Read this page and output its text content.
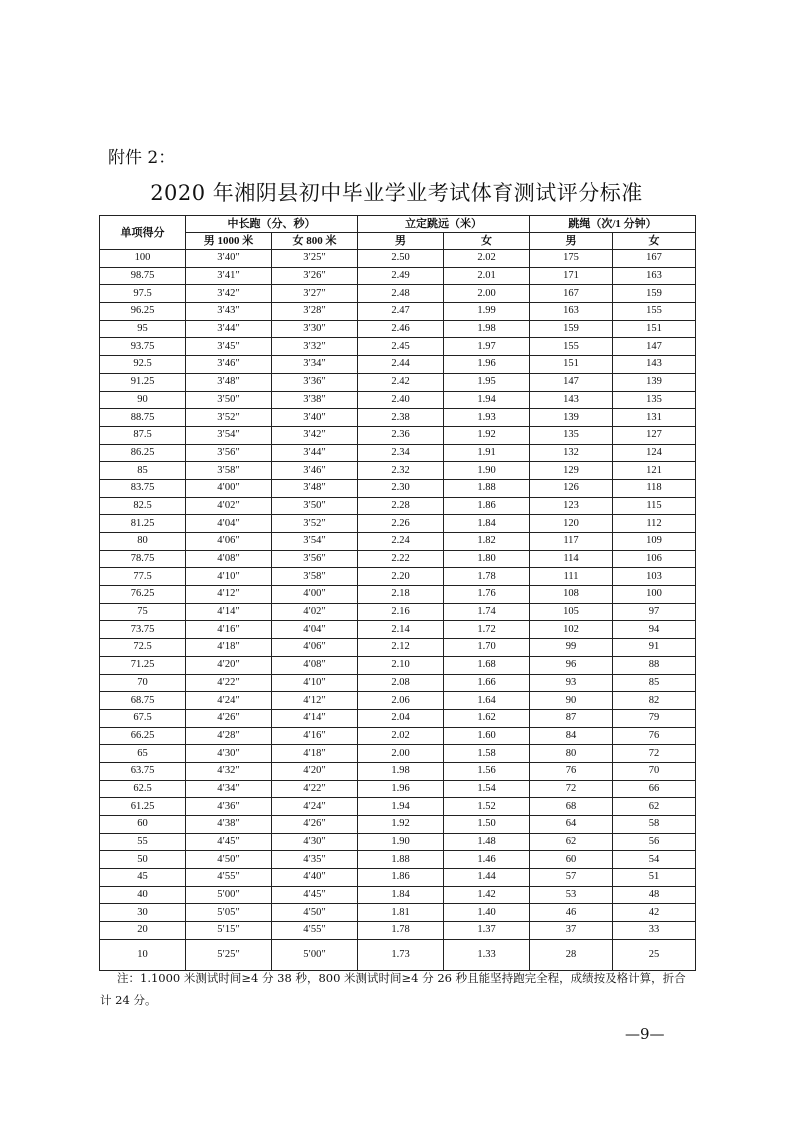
附件 2：
2020 年湘阴县初中毕业学业考试体育测试评分标准
单项得分	中长跑（分、秒）		立定跳远（米）		跳绳（次/1 分钟）	
	男 1000 米	女 800 米	男	女	男	女
100	3′40″	3′25″	2.50	2.02	175	167
98.75	3′41″	3′26″	2.49	2.01	171	163
97.5	3′42″	3′27″	2.48	2.00	167	159
96.25	3′43″	3′28″	2.47	1.99	163	155
95	3′44″	3′30″	2.46	1.98	159	151
93.75	3′45″	3′32″	2.45	1.97	155	147
92.5	3′46″	3′34″	2.44	1.96	151	143
91.25	3′48″	3′36″	2.42	1.95	147	139
90	3′50″	3′38″	2.40	1.94	143	135
88.75	3′52″	3′40″	2.38	1.93	139	131
87.5	3′54″	3′42″	2.36	1.92	135	127
86.25	3′56″	3′44″	2.34	1.91	132	124
85	3′58″	3′46″	2.32	1.90	129	121
83.75	4′00″	3′48″	2.30	1.88	126	118
82.5	4′02″	3′50″	2.28	1.86	123	115
81.25	4′04″	3′52″	2.26	1.84	120	112
80	4′06″	3′54″	2.24	1.82	117	109
78.75	4′08″	3′56″	2.22	1.80	114	106
77.5	4′10″	3′58″	2.20	1.78	111	103
76.25	4′12″	4′00″	2.18	1.76	108	100
75	4′14″	4′02″	2.16	1.74	105	97
73.75	4′16″	4′04″	2.14	1.72	102	94
72.5	4′18″	4′06″	2.12	1.70	99	91
71.25	4′20″	4′08″	2.10	1.68	96	88
70	4′22″	4′10″	2.08	1.66	93	85
68.75	4′24″	4′12″	2.06	1.64	90	82
67.5	4′26″	4′14″	2.04	1.62	87	79
66.25	4′28″	4′16″	2.02	1.60	84	76
65	4′30″	4′18″	2.00	1.58	80	72
63.75	4′32″	4′20″	1.98	1.56	76	70
62.5	4′34″	4′22″	1.96	1.54	72	66
61.25	4′36″	4′24″	1.94	1.52	68	62
60	4′38″	4′26″	1.92	1.50	64	58
55	4′45″	4′30″	1.90	1.48	62	56
50	4′50″	4′35″	1.88	1.46	60	54
45	4′55″	4′40″	1.86	1.44	57	51
40	5′00″	4′45″	1.84	1.42	53	48
30	5′05″	4′50″	1.81	1.40	46	42
20	5′15″	4′55″	1.78	1.37	37	33
10	5′25″	5′00″	1.73	1.33	28	25
注：1.1000 米测试时间≥4 分 38 秒，800 米测试时间≥4 分 26 秒且能坚持跑完全程，成绩按及格计算，折合
计 24 分。
—9—
